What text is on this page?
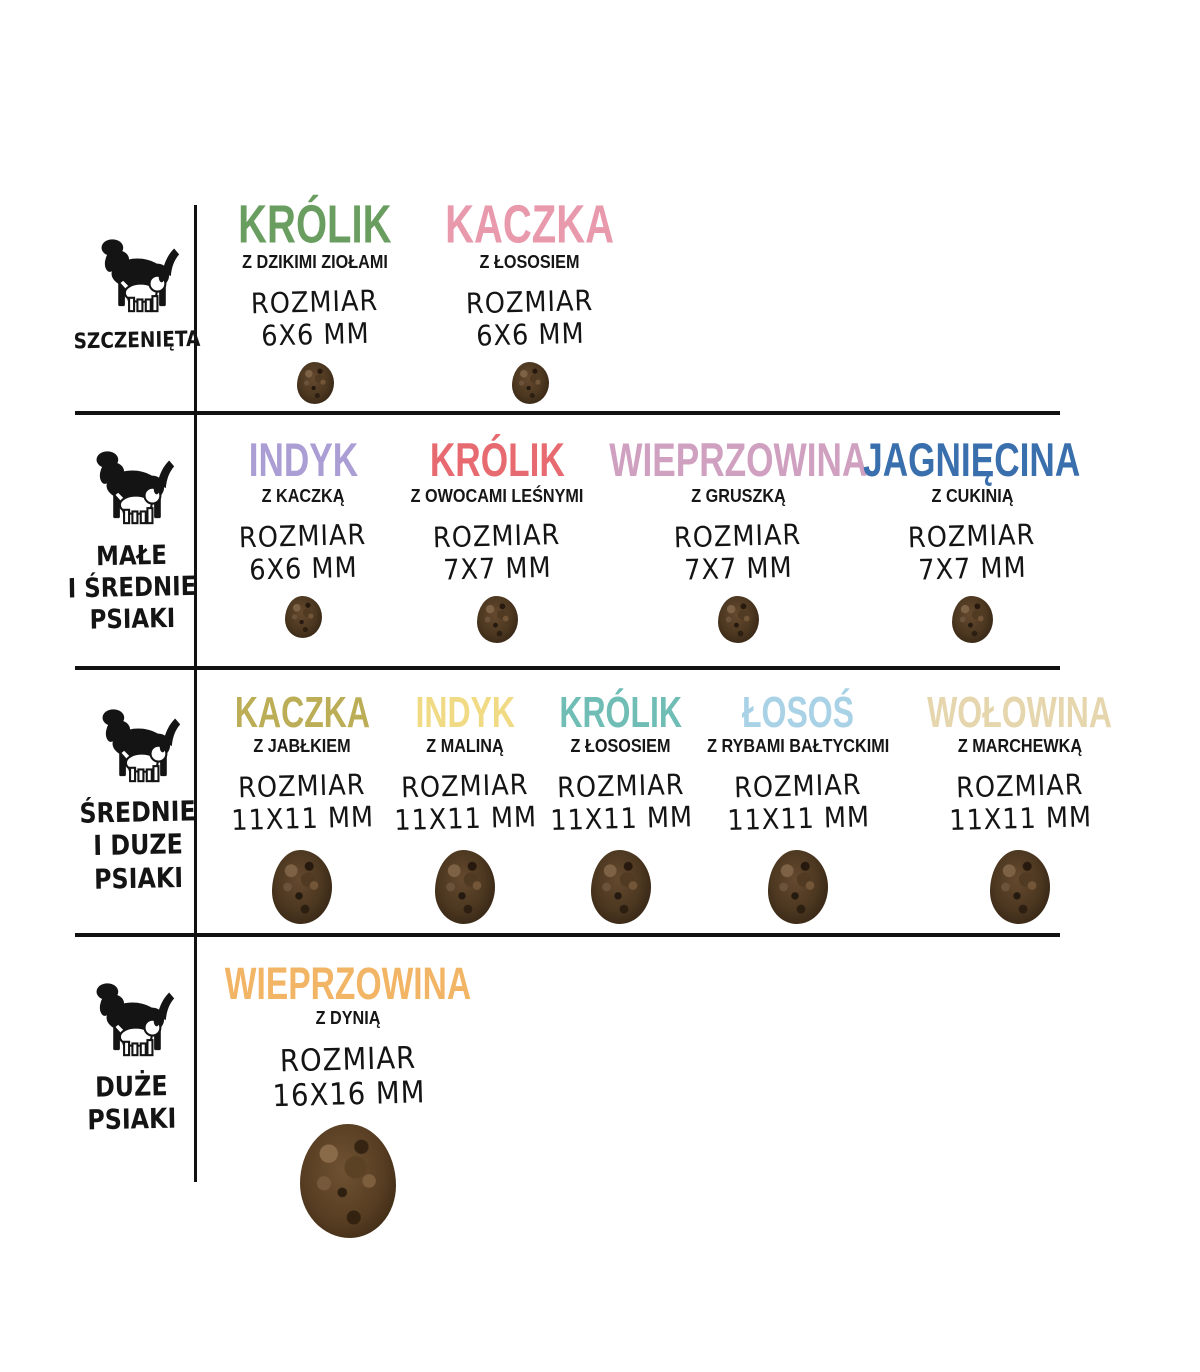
SZCZENIĘTA
MAŁE
I ŚREDNIE
PSIAKI
ŚREDNIE
I DUZE
PSIAKI
DUŻE
PSIAKI
KRÓLIK
Z DZIKIMI ZIOŁAMI
ROZMIAR
6X6 MM
KACZKA
Z ŁOSOSIEM
ROZMIAR
6X6 MM
INDYK
Z KACZKĄ
ROZMIAR
6X6 MM
KRÓLIK
Z OWOCAMI LEŚNYMI
ROZMIAR
7X7 MM
WIEPRZOWINA
Z GRUSZKĄ
ROZMIAR
7X7 MM
JAGNIĘCINA
Z CUKINIĄ
ROZMIAR
7X7 MM
KACZKA
Z JABŁKIEM
ROZMIAR
11X11 MM
INDYK
Z MALINĄ
ROZMIAR
11X11 MM
KRÓLIK
Z ŁOSOSIEM
ROZMIAR
11X11 MM
ŁOSOŚ
Z RYBAMI BAŁTYCKIMI
ROZMIAR
11X11 MM
WOŁOWINA
Z MARCHEWKĄ
ROZMIAR
11X11 MM
WIEPRZOWINA
Z DYNIĄ
ROZMIAR
16X16 MM
